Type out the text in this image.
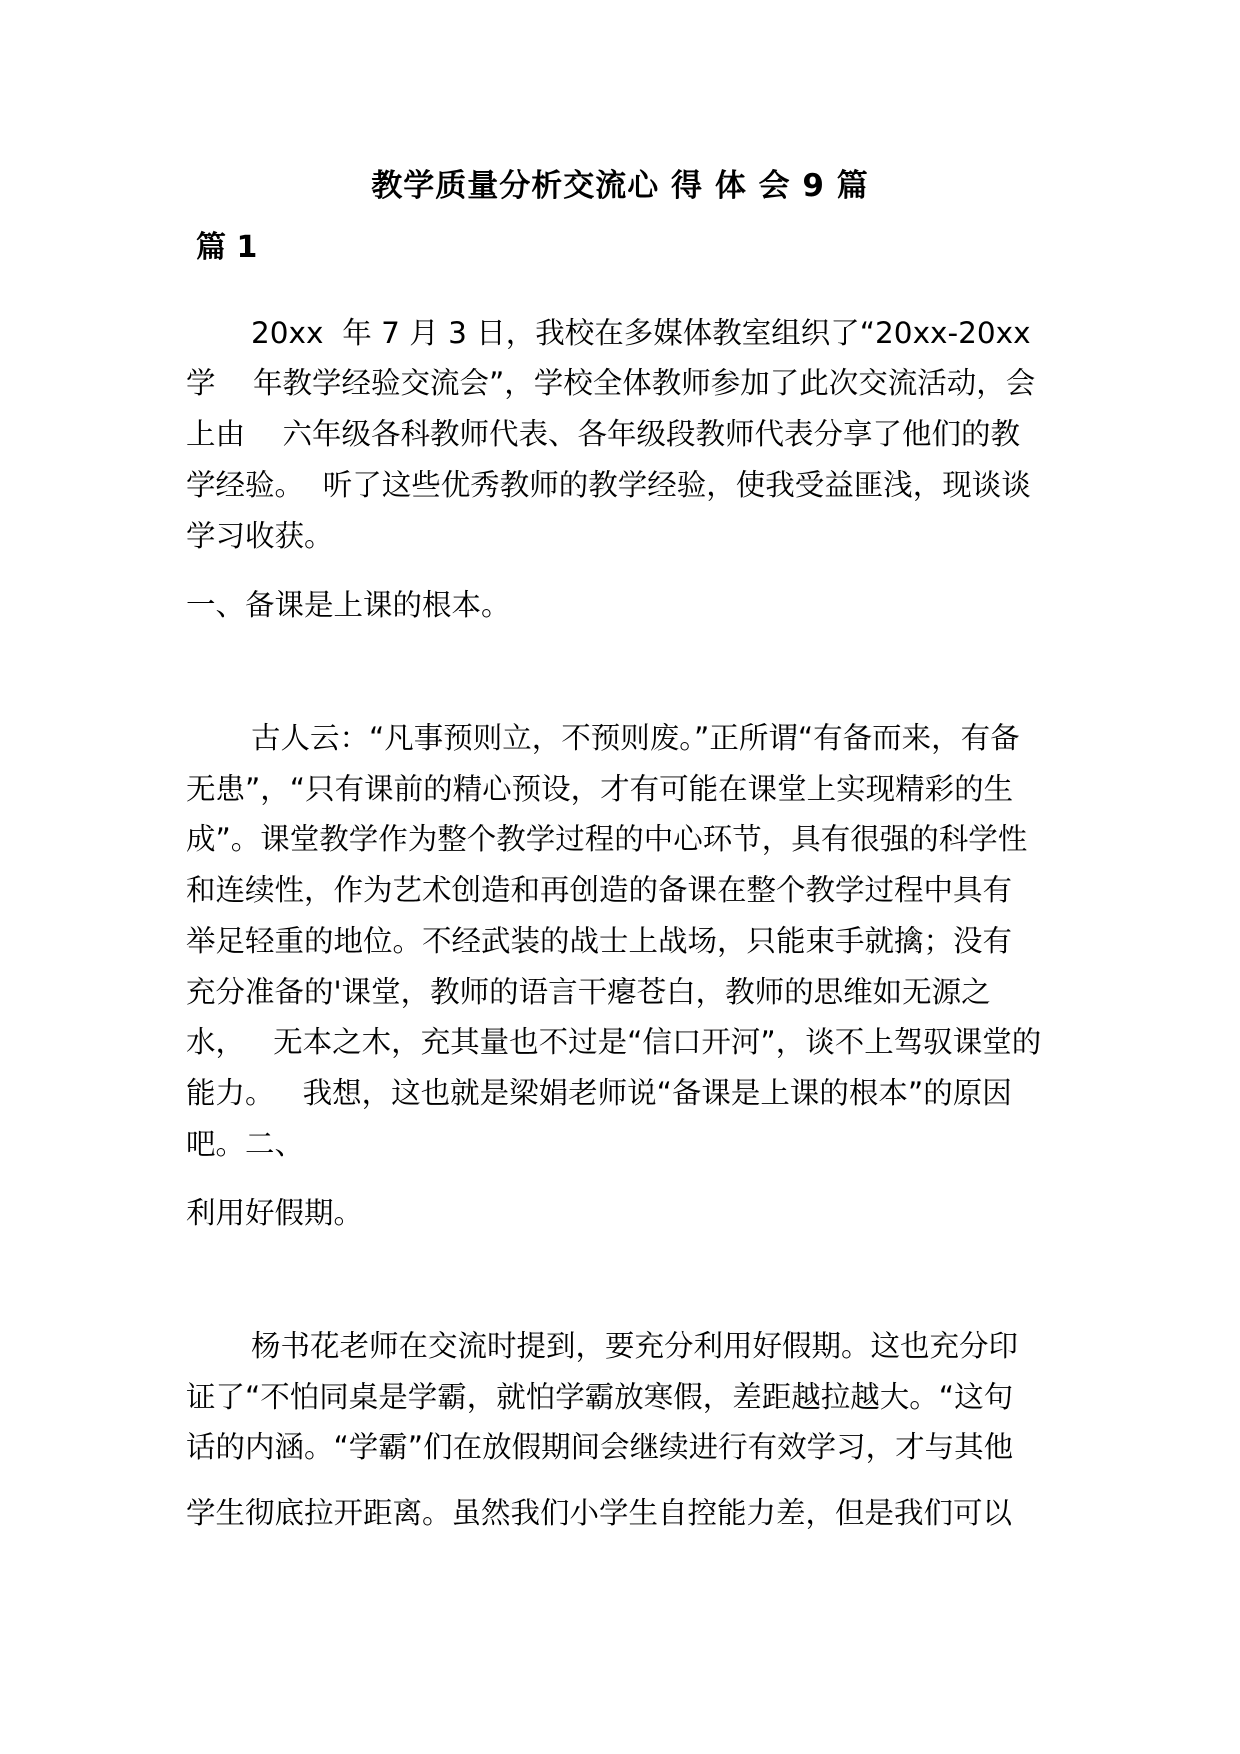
教学质量分析交流心 得 体 会 9 篇
篇 1

20xx  年 7 月 3 日，我校在多媒体教室组织了“20xx-20xx

学    年教学经验交流会”，学校全体教师参加了此次交流活动，会

上由    六年级各科教师代表、各年级段教师代表分享了他们的教

学经验。  听了这些优秀教师的教学经验，使我受益匪浅，现谈谈

学习收获。

一、备课是上课的根本。

古人云：“凡事预则立，不预则废。”正所谓“有备而来，有备

无患”，“只有课前的精心预设，才有可能在课堂上实现精彩的生

成”。课堂教学作为整个教学过程的中心环节，具有很强的科学性

和连续性，作为艺术创造和再创造的备课在整个教学过程中具有

举足轻重的地位。不经武装的战士上战场，只能束手就擒；没有

充分准备的'课堂，教师的语言干瘪苍白，教师的思维如无源之

水，   无本之木，充其量也不过是“信口开河”，谈不上驾驭课堂的

能力。   我想，这也就是梁娟老师说“备课是上课的根本”的原因

吧。二、

利用好假期。

杨书花老师在交流时提到，要充分利用好假期。这也充分印

证了“不怕同桌是学霸，就怕学霸放寒假，差距越拉越大。“这句

话的内涵。“学霸”们在放假期间会继续进行有效学习，才与其他

学生彻底拉开距离。虽然我们小学生自控能力差，但是我们可以
